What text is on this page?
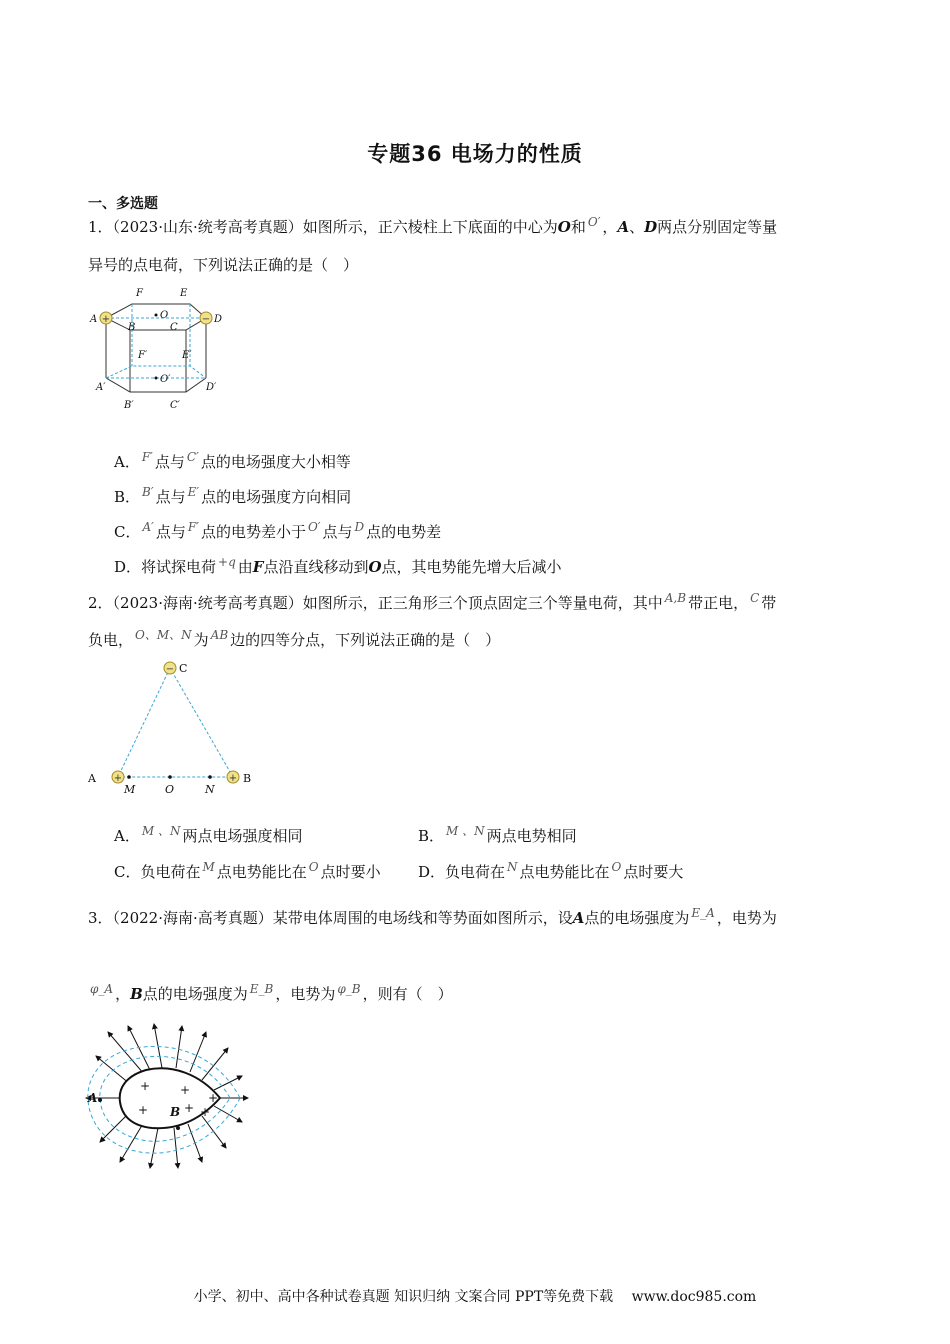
专题36 电场力的性质
一、多选题
1．（2023·山东·统考高考真题）如图所示，正六棱柱上下底面的中心为O和 $^{O'}$ ，A、D两点分别固定等量
异号的点电荷，下列说法正确的是（　）
+	−
A
B	C
D
E
F
O
F′	E′
A′
B′	C′
D′
O′
A． $^{F'}$ 点与 $^{C'}$ 点的电场强度大小相等
B． $^{B'}$ 点与 $^{E'}$ 点的电场强度方向相同
C． $^{A'}$ 点与 $^{F'}$ 点的电势差小于 $^{O'}$ 点与 $^D$ 点的电势差
D．将试探电荷 $^{+q}$ 由F点沿直线移动到O点，其电势能先增大后减小
2．（2023·海南·统考高考真题）如图所示，正三角形三个顶点固定三个等量电荷，其中 $^{A,B}$ 带正电， $^C$ 带
负电， $^{O、M、N}$ 为 $^{AB}$ 边的四等分点，下列说法正确的是（　）
−
+	+
C
A	B
M	O	N
A． $^{M 、N}$ 两点电场强度相同	B． $^{M 、N}$ 两点电势相同
C．负电荷在 $^M$ 点电势能比在 $^O$ 点时要小 D．负电荷在 $^N$ 点电势能比在 $^O$ 点时要大
3．（2022·海南·高考真题）某带电体周围的电场线和等势面如图所示，设A点的电场强度为 $^{E\_A}$ ，电势为
$^{\varphi\_A}$ ，B点的电场强度为 $^{E\_B}$ ，电势为 $^{\varphi\_B}$ ，则有（　）
+ +
+
+	+ +
A
B
小学、初中、高中各种试卷真题 知识归纳 文案合同 PPT等免费下载　 www.doc985.com
